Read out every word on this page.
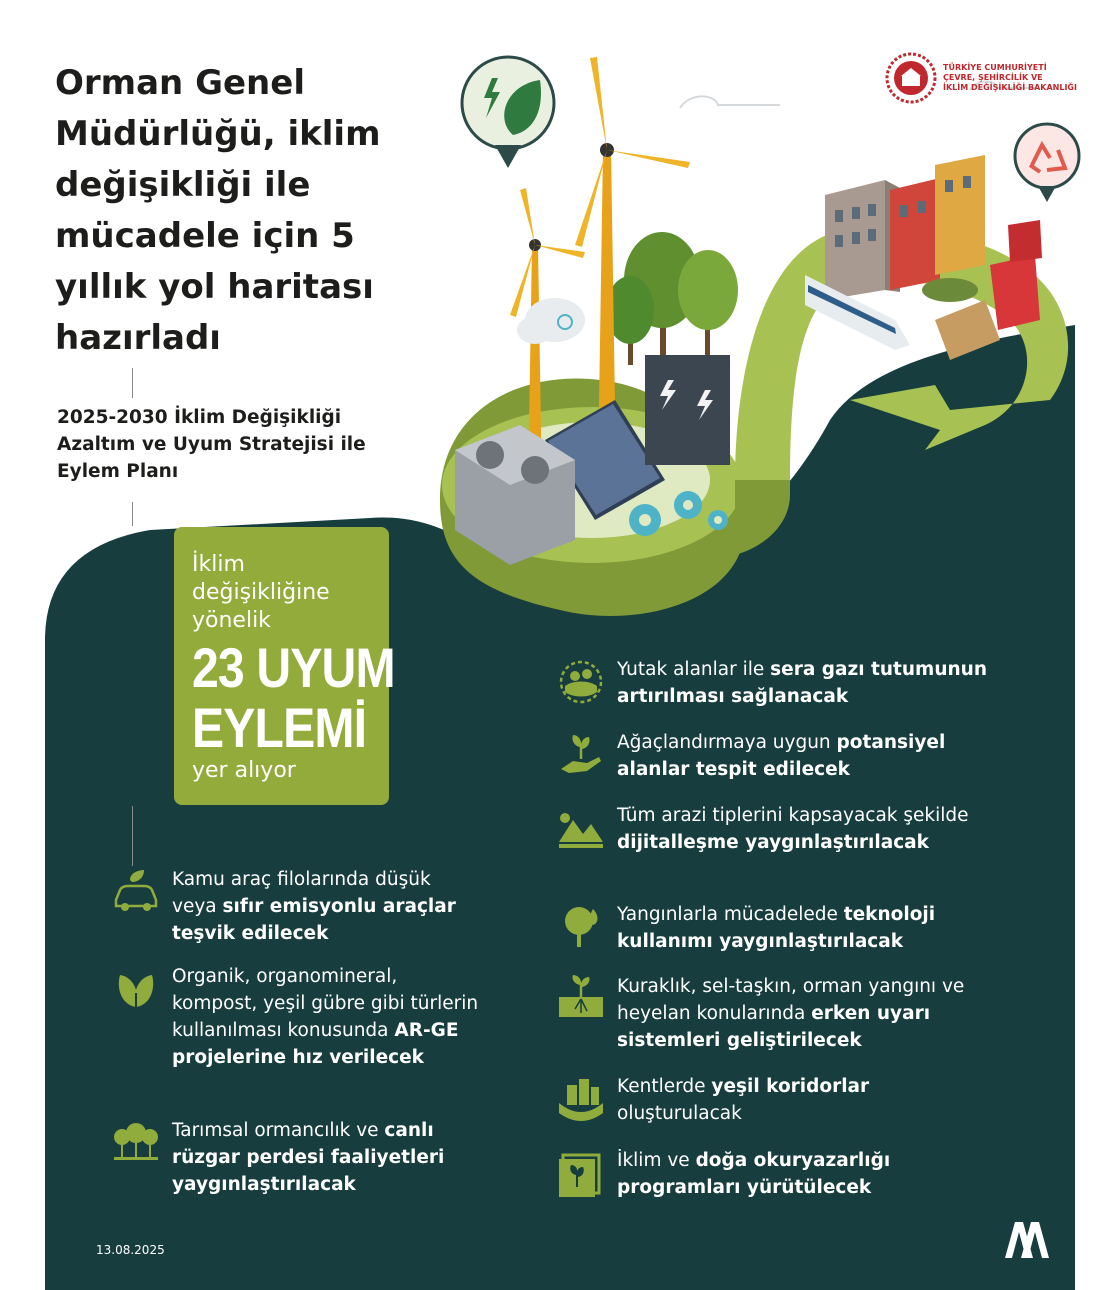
TÜRKİYE CUMHURİYETİ
ÇEVRE, ŞEHİRCİLİK VE
İKLİM DEĞİŞİKLİĞİ BAKANLIĞI
Orman Genel Müdürlüğü, iklim değişikliği ile mücadele için 5 yıllık yol haritası hazırladı
2025-2030 İklim Değişikliği Azaltım ve Uyum Stratejisi ile Eylem Planı
İklim
değişikliğine
yönelik
23 UYUM
EYLEMİ
yer alıyor
Kamu araç filolarında düşük veya sıfır emisyonlu araçlar teşvik edilecek
Organik, organomineral, kompost, yeşil gübre gibi türlerin kullanılması konusunda AR-GE projelerine hız verilecek
Tarımsal ormancılık ve canlı rüzgar perdesi faaliyetleri yaygınlaştırılacak
Yutak alanlar ile sera gazı tutumunun artırılması sağlanacak
Ağaçlandırmaya uygun potansiyel alanlar tespit edilecek
Tüm arazi tiplerini kapsayacak şekilde dijitalleşme yaygınlaştırılacak
Yangınlarla mücadelede teknoloji kullanımı yaygınlaştırılacak
Kuraklık, sel-taşkın, orman yangını ve heyelan konularında erken uyarı sistemleri geliştirilecek
Kentlerde yeşil koridorlar oluşturulacak
İklim ve doğa okuryazarlığı programları yürütülecek
13.08.2025
AA
